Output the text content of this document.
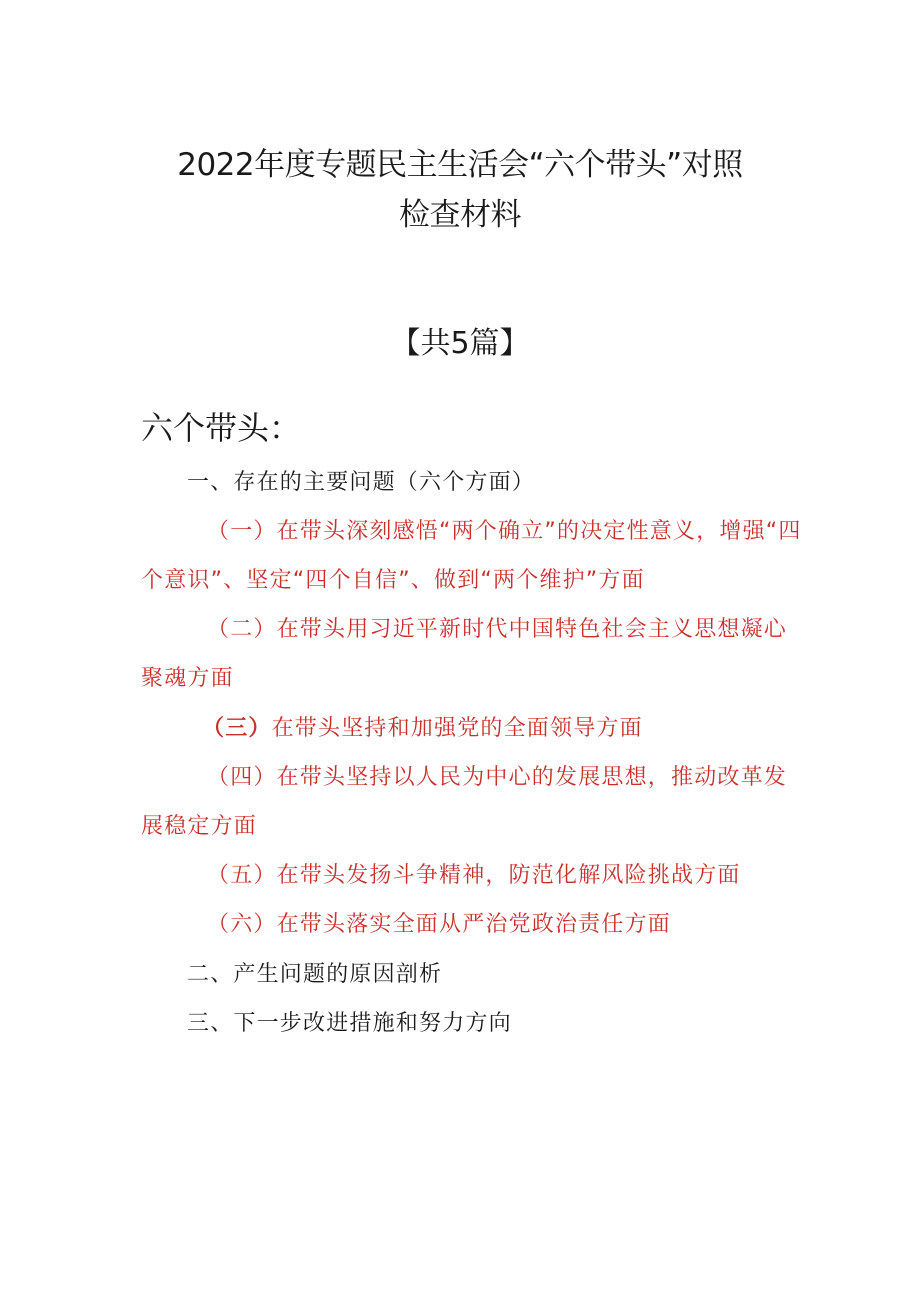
2022年度专题民主生活会“六个带头”对照
检查材料
【共5篇】
六个带头：
一、存在的主要问题（六个方面）
（一）在带头深刻感悟“两个确立”的决定性意义，增强“四
个意识”、坚定“四个自信”、做到“两个维护”方面
（二）在带头用习近平新时代中国特色社会主义思想凝心
聚魂方面
（三）在带头坚持和加强党的全面领导方面
（四）在带头坚持以人民为中心的发展思想，推动改革发
展稳定方面
（五）在带头发扬斗争精神，防范化解风险挑战方面
（六）在带头落实全面从严治党政治责任方面
二、产生问题的原因剖析
三、下一步改进措施和努力方向
